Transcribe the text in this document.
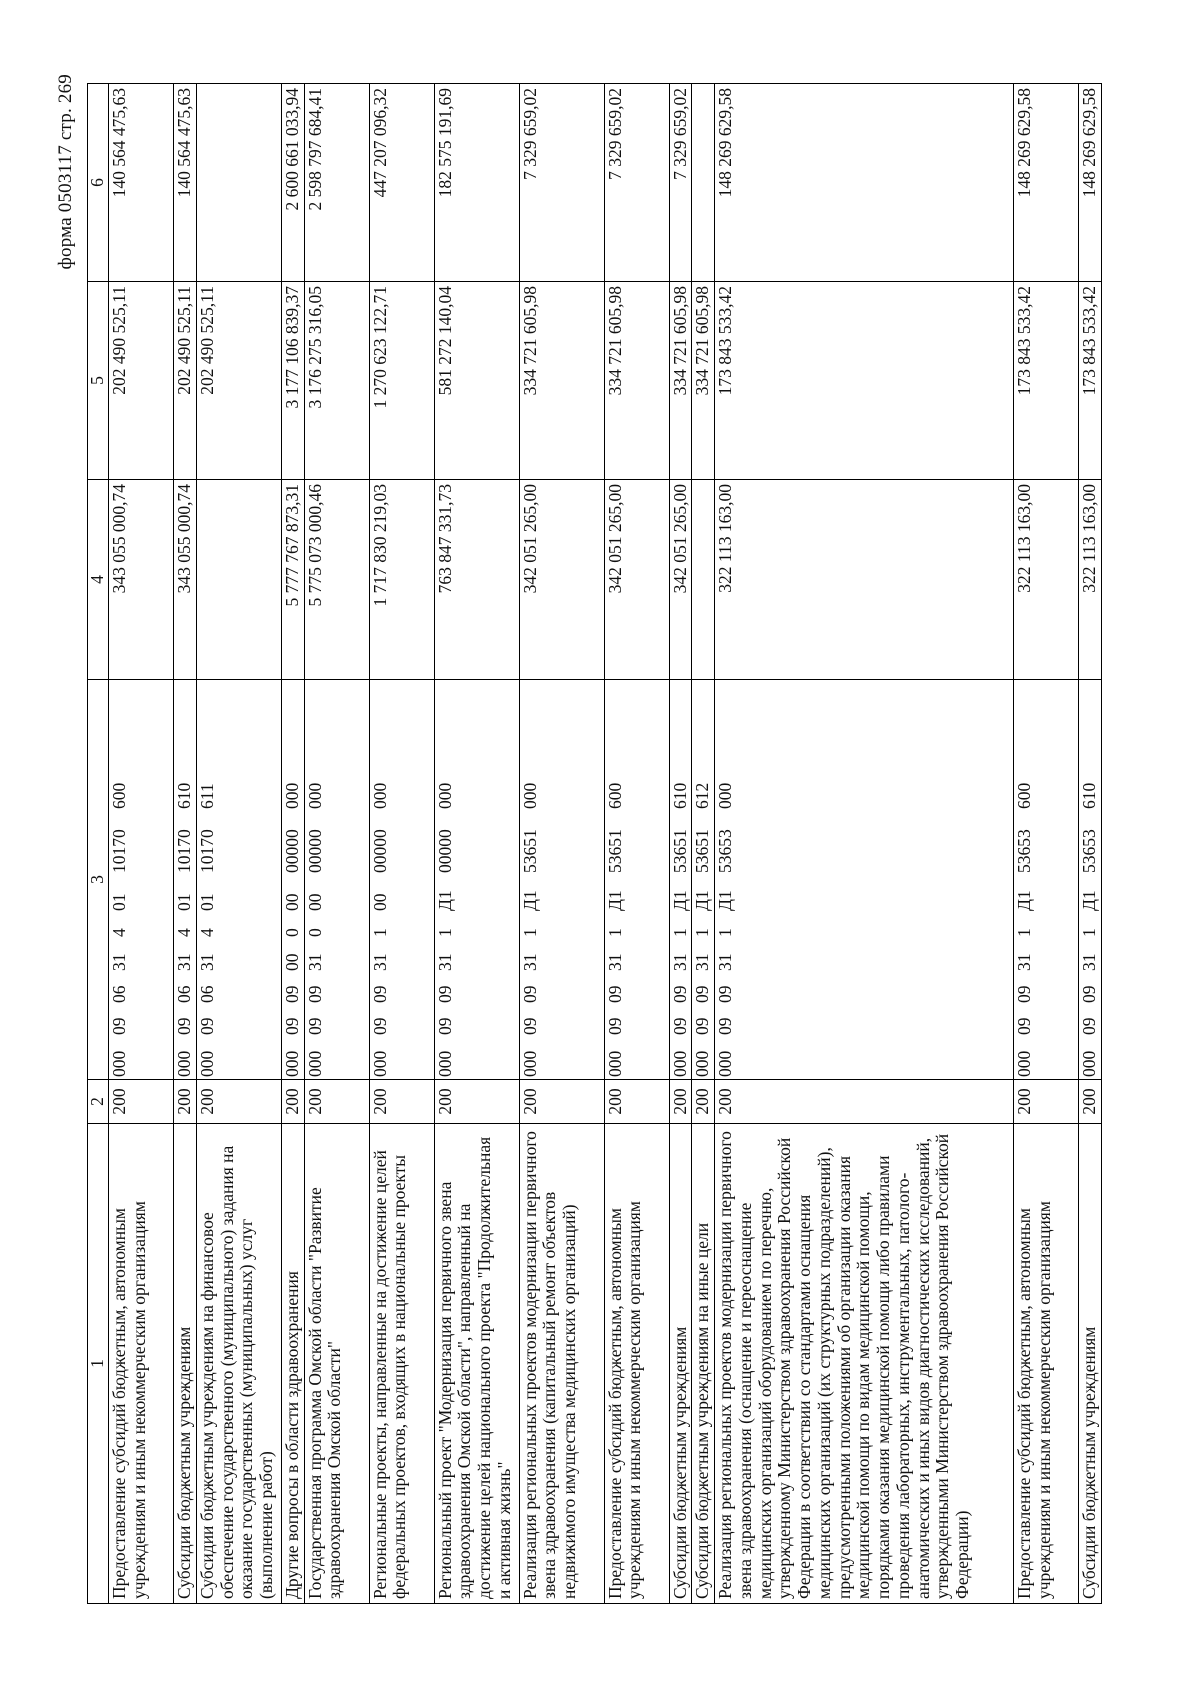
форма 0503117 стр. 269
1	2	3	4	5	6
Предоставление субсидий бюджетным, автономным учреждениям и иным некоммерческим организациям	200	00009063140110170600	343 055 000,74	202 490 525,11	140 564 475,63
Субсидии бюджетным учреждениям	200	00009063140110170610	343 055 000,74	202 490 525,11	140 564 475,63
Субсидии бюджетным учреждениям на финансовое обеспечение государственного (муниципального) задания на оказание государственных (муниципальных) услуг (выполнение работ)	200	00009063140110170611		202 490 525,11	
Другие вопросы в области здравоохранения	200	00009090000000000000	5 777 767 873,31	3 177 106 839,37	2 600 661 033,94
Государственная программа Омской области "Развитие здравоохранения Омской области"	200	00009093100000000000	5 775 073 000,46	3 176 275 316,05	2 598 797 684,41
Региональные проекты, направленные на достижение целей федеральных проектов, входящих в национальные проекты	200	00009093110000000000	1 717 830 219,03	1 270 623 122,71	447 207 096,32
Региональный проект "Модернизация первичного звена здравоохранения Омской области", направленный на достижение целей национального проекта "Продолжительная и активная жизнь"	200	0000909311Д100000000	763 847 331,73	581 272 140,04	182 575 191,69
Реализация региональных проектов модернизации первичного звена здравоохранения (капитальный ремонт объектов недвижимого имущества медицинских организаций)	200	0000909311Д153651000	342 051 265,00	334 721 605,98	7 329 659,02
Предоставление субсидий бюджетным, автономным учреждениям и иным некоммерческим организациям	200	0000909311Д153651600	342 051 265,00	334 721 605,98	7 329 659,02
Субсидии бюджетным учреждениям	200	0000909311Д153651610	342 051 265,00	334 721 605,98	7 329 659,02
Субсидии бюджетным учреждениям на иные цели	200	0000909311Д153651612		334 721 605,98	
Реализация региональных проектов модернизации первичного звена здравоохранения (оснащение и переоснащение медицинских организаций оборудованием по перечню, утвержденному Министерством здравоохранения Российской Федерации в соответствии со стандартами оснащения медицинских организаций (их структурных подразделений), предусмотренными положениями об организации оказания медицинской помощи по видам медицинской помощи, порядками оказания медицинской помощи либо правилами проведения лабораторных, инструментальных, патолого-анатомических и иных видов диагностических исследований, утвержденными Министерством здравоохранения Российской Федерации)	200	0000909311Д153653000	322 113 163,00	173 843 533,42	148 269 629,58
Предоставление субсидий бюджетным, автономным учреждениям и иным некоммерческим организациям	200	0000909311Д153653600	322 113 163,00	173 843 533,42	148 269 629,58
Субсидии бюджетным учреждениям	200	0000909311Д153653610	322 113 163,00	173 843 533,42	148 269 629,58
